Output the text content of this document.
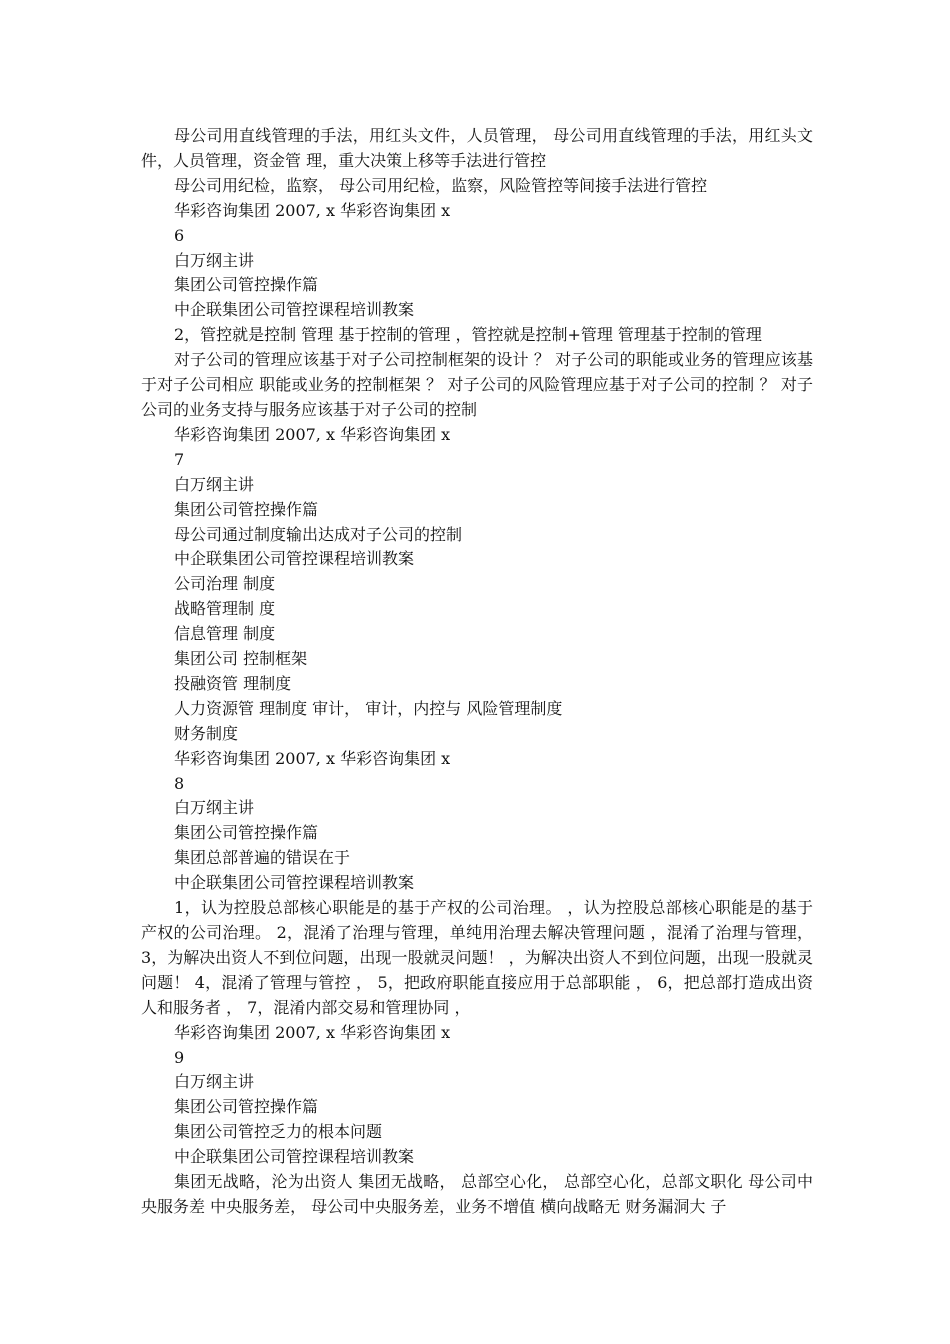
母公司用直线管理的手法，用红头文件，人员管理， 母公司用直线管理的手法，用红头文件，人员管理，资金管 理，重大决策上移等手法进行管控

母公司用纪检，监察， 母公司用纪检，监察，风险管控等间接手法进行管控

华彩咨询集团 2007, x 华彩咨询集团 x

6

白万纲主讲

集团公司管控操作篇

中企联集团公司管控课程培训教案

2，管控就是控制 管理 基于控制的管理 ，管控就是控制+管理 管理基于控制的管理

对子公司的管理应该基于对子公司控制框架的设计 ？ 对子公司的职能或业务的管理应该基于对子公司相应 职能或业务的控制框架 ？ 对子公司的风险管理应基于对子公司的控制 ？ 对子公司的业务支持与服务应该基于对子公司的控制

华彩咨询集团 2007, x 华彩咨询集团 x

7

白万纲主讲

集团公司管控操作篇

母公司通过制度输出达成对子公司的控制

中企联集团公司管控课程培训教案

公司治理 制度

战略管理制 度

信息管理 制度

集团公司 控制框架

投融资管 理制度

人力资源管 理制度 审计， 审计，内控与 风险管理制度

财务制度

华彩咨询集团 2007, x 华彩咨询集团 x

8

白万纲主讲

集团公司管控操作篇

集团总部普遍的错误在于

中企联集团公司管控课程培训教案

1，认为控股总部核心职能是的基于产权的公司治理。 ，认为控股总部核心职能是的基于产权的公司治理。 2，混淆了治理与管理，单纯用治理去解决管理问题 ，混淆了治理与管理， 3，为解决出资人不到位问题，出现一股就灵问题！ ，为解决出资人不到位问题，出现一股就灵问题！ 4，混淆了管理与管控 ， 5，把政府职能直接应用于总部职能 ， 6，把总部打造成出资人和服务者 ， 7，混淆内部交易和管理协同 ，

华彩咨询集团 2007, x 华彩咨询集团 x

9

白万纲主讲

集团公司管控操作篇

集团公司管控乏力的根本问题

中企联集团公司管控课程培训教案

集团无战略，沦为出资人 集团无战略， 总部空心化， 总部空心化，总部文职化 母公司中央服务差 中央服务差， 母公司中央服务差，业务不增值 横向战略无 财务漏洞大 子
